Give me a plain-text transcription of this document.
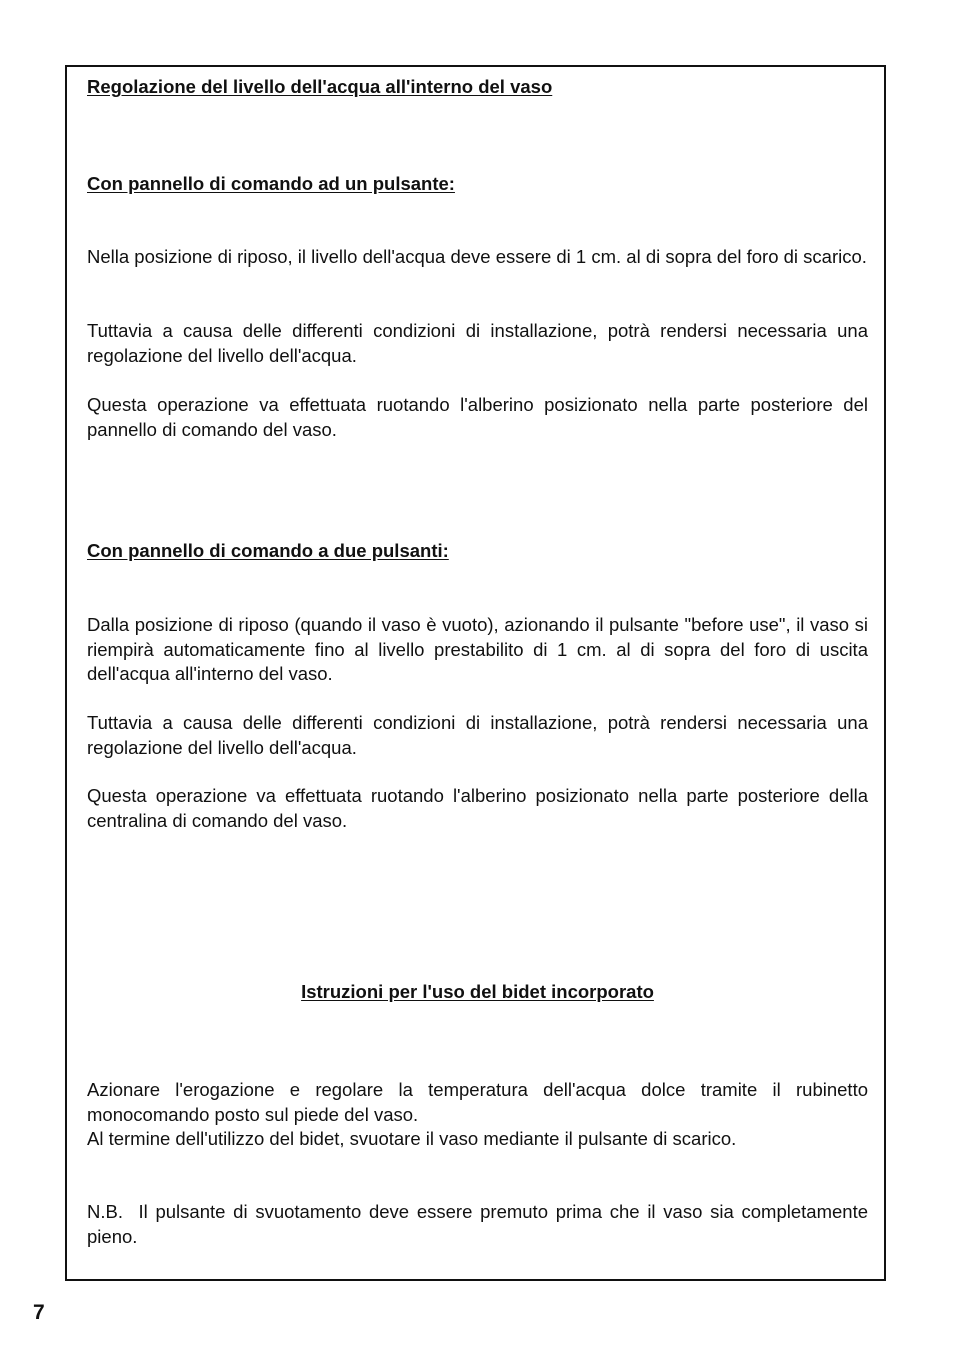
Regolazione del livello dell'acqua all'interno del vaso
Con pannello di comando ad un pulsante:

Nella posizione di riposo, il livello dell'acqua deve essere di 1 cm. al di sopra del foro di scarico.

Tuttavia a causa delle differenti condizioni di installazione, potrà rendersi necessaria una regolazione del livello dell'acqua.

Questa operazione va effettuata ruotando l'alberino posizionato nella parte posteriore del pannello di comando del vaso.

Con pannello di comando a due pulsanti:

Dalla posizione di riposo (quando il vaso è vuoto), azionando il pulsante "before use", il vaso si riempirà automaticamente fino al livello prestabilito di 1 cm. al di sopra del foro di uscita dell'acqua all'interno del vaso.

Tuttavia a causa delle differenti condizioni di installazione, potrà rendersi necessaria una regolazione del livello dell'acqua.

Questa operazione va effettuata ruotando l'alberino posizionato nella parte posteriore della centralina di comando del vaso.

Istruzioni per l'uso del bidet incorporato

Azionare l'erogazione e regolare la temperatura dell'acqua dolce tramite il rubinetto monocomando posto sul piede del vaso.
Al termine dell'utilizzo del bidet, svuotare il vaso mediante il pulsante di scarico.

N.B.  Il pulsante di svuotamento deve essere premuto prima che il vaso sia completamente pieno.

7
